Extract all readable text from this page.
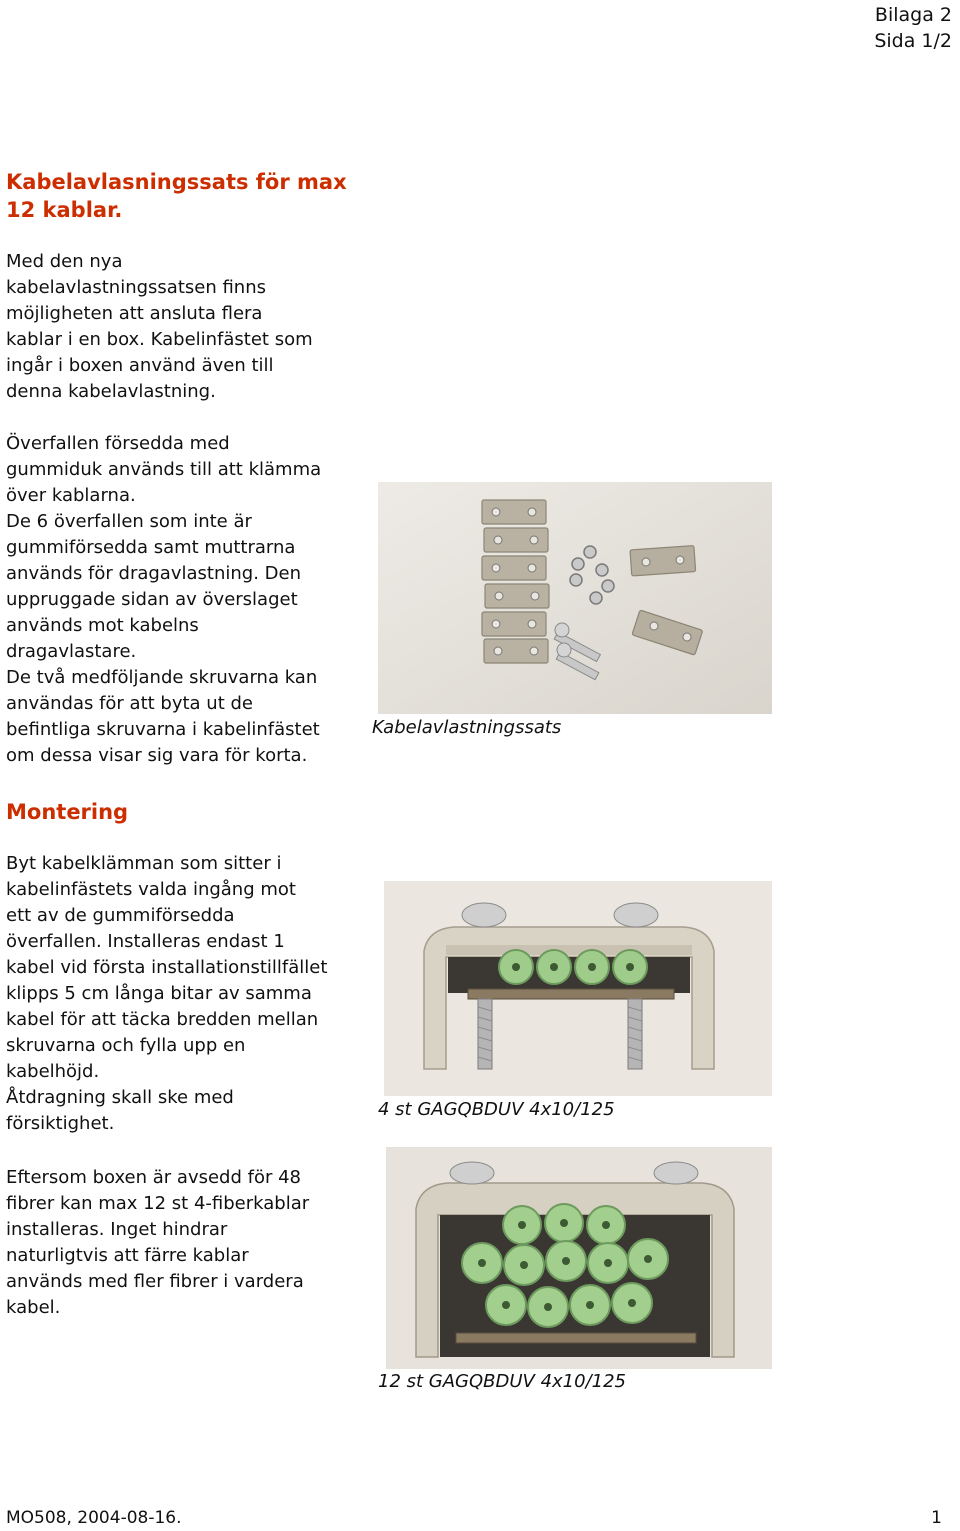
Bilaga 2
Sida 1/2
Kabelavlasningssats för max 12 kablar.
Med den nya
kabelavlastningssatsen finns
möjligheten att ansluta flera
kablar i en box. Kabelinfästet som
ingår i boxen använd även till
denna kabelavlastning.
Överfallen försedda med
gummiduk används till att klämma
över kablarna.
De 6 överfallen som inte är
gummiförsedda samt muttrarna
används för dragavlastning. Den
uppruggade sidan av överslaget
används mot kabelns
dragavlastare.
De två medföljande skruvarna kan
användas för att byta ut de
befintliga skruvarna i kabelinfästet
om dessa visar sig vara för korta.
Kabelavlastningssats
Montering
Byt kabelklämman som sitter i
kabelinfästets valda ingång mot
ett av de gummiförsedda
överfallen. Installeras endast 1
kabel vid första installationstillfället
klipps 5 cm långa bitar av samma
kabel för att täcka bredden mellan
skruvarna och fylla upp en
kabelhöjd.
Åtdragning skall ske med
försiktighet.
Eftersom boxen är avsedd för 48
fibrer kan max 12 st 4-fiberkablar
installeras. Inget hindrar
naturligtvis att färre kablar
används med fler fibrer i vardera
kabel.
4 st GAGQBDUV 4x10/125
12 st GAGQBDUV 4x10/125
MO508, 2004-08-16.	1
